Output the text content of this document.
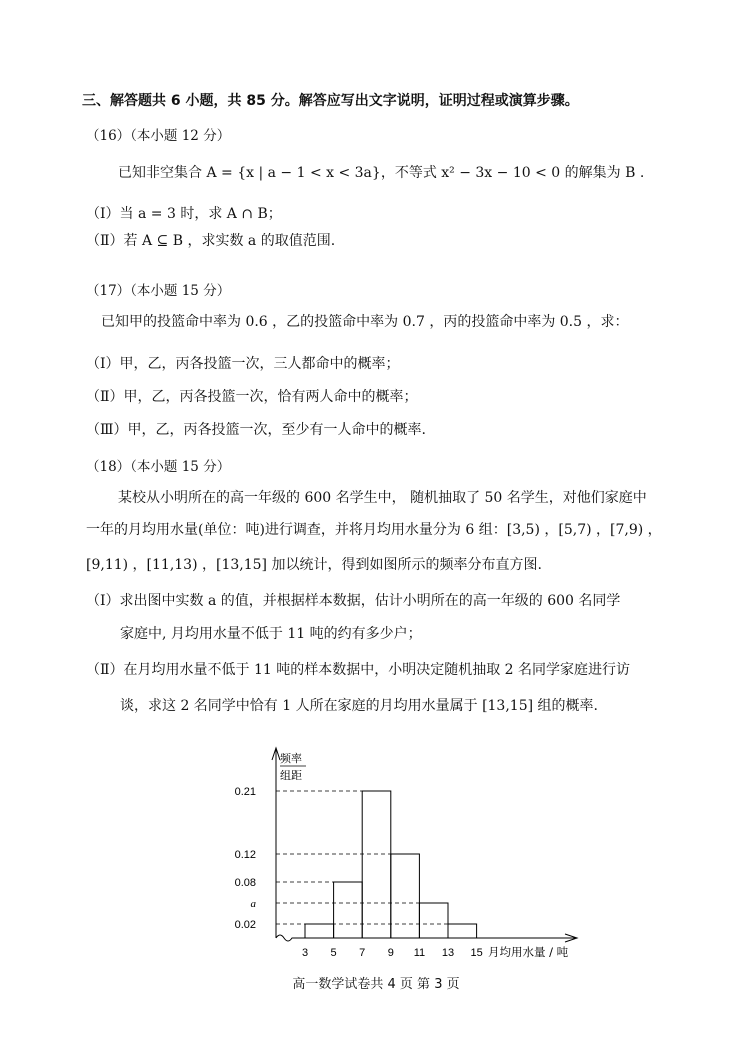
三、解答题共 6 小题，共 85 分。解答应写出文字说明，证明过程或演算步骤。
（16）（本小题 12 分）
已知非空集合 A = {x | a − 1 < x < 3a}，不等式 x² − 3x − 10 < 0 的解集为 B .
（Ⅰ）当 a = 3 时，求 A ∩ B；
（Ⅱ）若 A ⊆ B ，求实数 a 的取值范围.
（17）（本小题 15 分）
已知甲的投篮命中率为 0.6 ，乙的投篮命中率为 0.7 ，丙的投篮命中率为 0.5 ，求：
（Ⅰ）甲，乙，丙各投篮一次，三人都命中的概率；
（Ⅱ）甲，乙，丙各投篮一次，恰有两人命中的概率；
（Ⅲ）甲，乙，丙各投篮一次，至少有一人命中的概率.
（18）（本小题 15 分）
某校从小明所在的高一年级的 600 名学生中， 随机抽取了 50 名学生，对他们家庭中
一年的月均用水量(单位：吨)进行调查，并将月均用水量分为 6 组：[3,5) ，[5,7) ，[7,9) ，
[9,11) ，[11,13) ，[13,15] 加以统计，得到如图所示的频率分布直方图.
（Ⅰ）求出图中实数 a 的值，并根据样本数据，估计小明所在的高一年级的 600 名同学
家庭中, 月均用水量不低于 11 吨的约有多少户；
（Ⅱ）在月均用水量不低于 11 吨的样本数据中，小明决定随机抽取 2 名同学家庭进行访
谈，求这 2 名同学中恰有 1 人所在家庭的月均用水量属于 [13,15] 组的概率.
0.21
0.12
0.08
a
0.02
3 5 7 9 11 13 15
频率
组距
月均用水量 / 吨
高一数学试卷共 4 页 第 3 页
